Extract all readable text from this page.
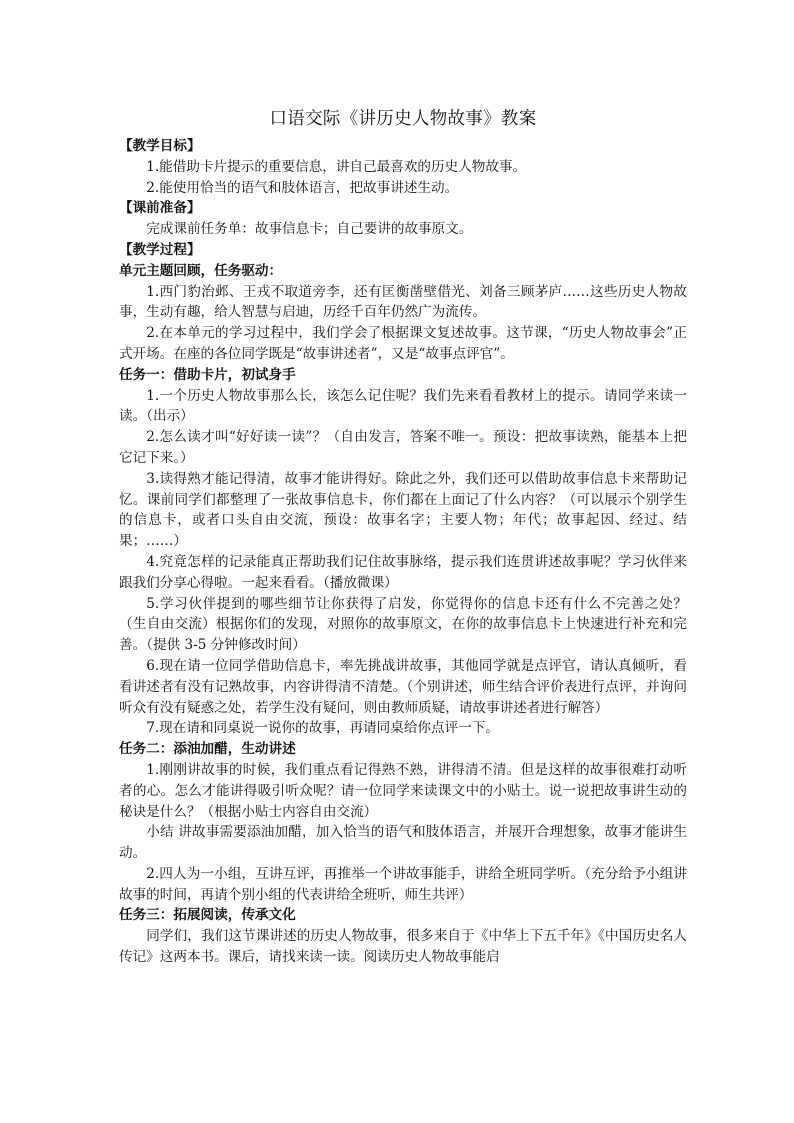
口语交际《讲历史人物故事》教案
【教学目标】
1.能借助卡片提示的重要信息，讲自己最喜欢的历史人物故事。
2.能使用恰当的语气和肢体语言，把故事讲述生动。
【课前准备】
完成课前任务单：故事信息卡；自己要讲的故事原文。
【教学过程】
单元主题回顾，任务驱动：
1.西门豹治邺、王戎不取道旁李，还有匡衡凿壁借光、刘备三顾茅庐……这些历史人物故事，生动有趣，给人智慧与启迪，历经千百年仍然广为流传。
2.在本单元的学习过程中，我们学会了根据课文复述故事。这节课，“历史人物故事会”正式开场。在座的各位同学既是“故事讲述者”，又是“故事点评官”。
任务一：借助卡片，初试身手
1.一个历史人物故事那么长，该怎么记住呢？我们先来看看教材上的提示。请同学来读一读。（出示）
2.怎么读才叫“好好读一读”？（自由发言，答案不唯一。预设：把故事读熟，能基本上把它记下来。）
3.读得熟才能记得清，故事才能讲得好。除此之外，我们还可以借助故事信息卡来帮助记忆。课前同学们都整理了一张故事信息卡，你们都在上面记了什么内容？（可以展示个别学生的信息卡，或者口头自由交流，预设：故事名字；主要人物；年代；故事起因、经过、结果；……）
4.究竟怎样的记录能真正帮助我们记住故事脉络，提示我们连贯讲述故事呢？学习伙伴来跟我们分享心得啦。一起来看看。（播放微课）
5.学习伙伴提到的哪些细节让你获得了启发，你觉得你的信息卡还有什么不完善之处？（生自由交流）根据你们的发现，对照你的故事原文，在你的故事信息卡上快速进行补充和完善。（提供 3-5 分钟修改时间）
6.现在请一位同学借助信息卡，率先挑战讲故事，其他同学就是点评官，请认真倾听，看看讲述者有没有记熟故事，内容讲得清不清楚。（个别讲述，师生结合评价表进行点评，并询问听众有没有疑惑之处，若学生没有疑问，则由教师质疑，请故事讲述者进行解答）
7.现在请和同桌说一说你的故事，再请同桌给你点评一下。
任务二：添油加醋，生动讲述
1.刚刚讲故事的时候，我们重点看记得熟不熟，讲得清不清。但是这样的故事很难打动听者的心。怎么才能讲得吸引听众呢？请一位同学来读课文中的小贴士。说一说把故事讲生动的秘诀是什么？（根据小贴士内容自由交流）
小结 讲故事需要添油加醋，加入恰当的语气和肢体语言，并展开合理想象，故事才能讲生动。
2.四人为一小组，互讲互评，再推举一个讲故事能手，讲给全班同学听。（充分给予小组讲故事的时间，再请个别小组的代表讲给全班听，师生共评）
任务三：拓展阅读，传承文化
同学们，我们这节课讲述的历史人物故事，很多来自于《中华上下五千年》《中国历史名人传记》这两本书。课后，请找来读一读。阅读历史人物故事能启
